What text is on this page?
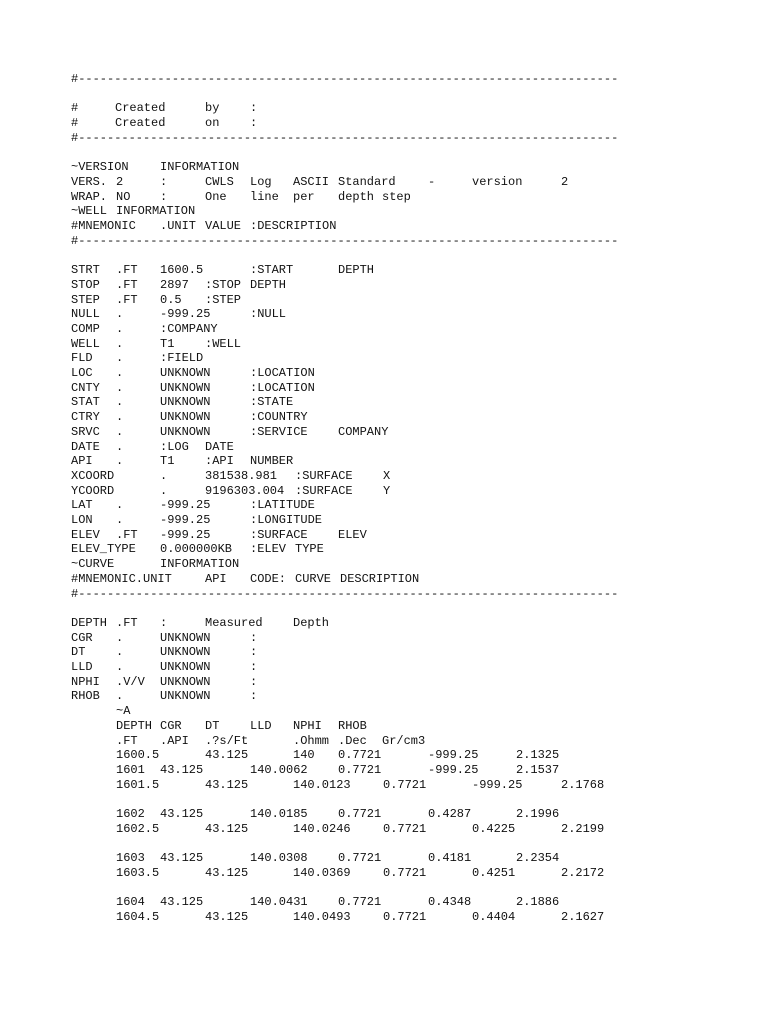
#---------------------------------------------------------------------------
#	Created	by	:
#	Created	on	:
#---------------------------------------------------------------------------
~VERSION	INFORMATION
VERS. 2	:	CWLS Log ASCII Standard	-	version	2
WRAP. NO :	One line per depth step
~WELL INFORMATION
#MNEMONIC .UNIT VALUE :DESCRIPTION
#---------------------------------------------------------------------------
STRT .FT 1600.5	:START	DEPTH
STOP .FT 2897 :STOP DEPTH
STEP .FT 0.5 :STEP
NULL .	-999.25	:NULL
COMP .	:COMPANY
WELL .	T1	:WELL
FLD .	:FIELD
LOC .	UNKNOWN	:LOCATION
CNTY .	UNKNOWN	:LOCATION
STAT .	UNKNOWN	:STATE
CTRY .	UNKNOWN	:COUNTRY
SRVC .	UNKNOWN	:SERVICE	COMPANY
DATE .	:LOG DATE
API .	T1	:API NUMBER
XCOORD	.	381538.981 :SURFACE	X
YCOORD	.	9196303.004 :SURFACE	Y
LAT .	-999.25	:LATITUDE
LON .	-999.25	:LONGITUDE
ELEV .FT -999.25	:SURFACE	ELEV
ELEV_TYPE 0.000000KB :ELEV TYPE
~CURVE	INFORMATION
#MNEMONIC.UNIT	API CODE: CURVE DESCRIPTION
#---------------------------------------------------------------------------
DEPTH .FT :	Measured	Depth
CGR .	UNKNOWN	:
DT	.	UNKNOWN	:
LLD .	UNKNOWN	:
NPHI .V/V UNKNOWN	:
RHOB .	UNKNOWN	:
~A
DEPTH CGR DT	LLD NPHI RHOB
.FT .API .?s/Ft	.Ohmm .Dec Gr/cm3
1600.5	43.125	140 0.7721	-999.25	2.1325
1601 43.125	140.0062	0.7721	-999.25	2.1537
1601.5	43.125	140.0123	0.7721	-999.25	2.1768
1602 43.125	140.0185	0.7721	0.4287	2.1996
1602.5	43.125	140.0246	0.7721	0.4225	2.2199
1603 43.125	140.0308	0.7721	0.4181	2.2354
1603.5	43.125	140.0369	0.7721	0.4251	2.2172
1604 43.125	140.0431	0.7721	0.4348	2.1886
1604.5	43.125	140.0493	0.7721	0.4404	2.1627
